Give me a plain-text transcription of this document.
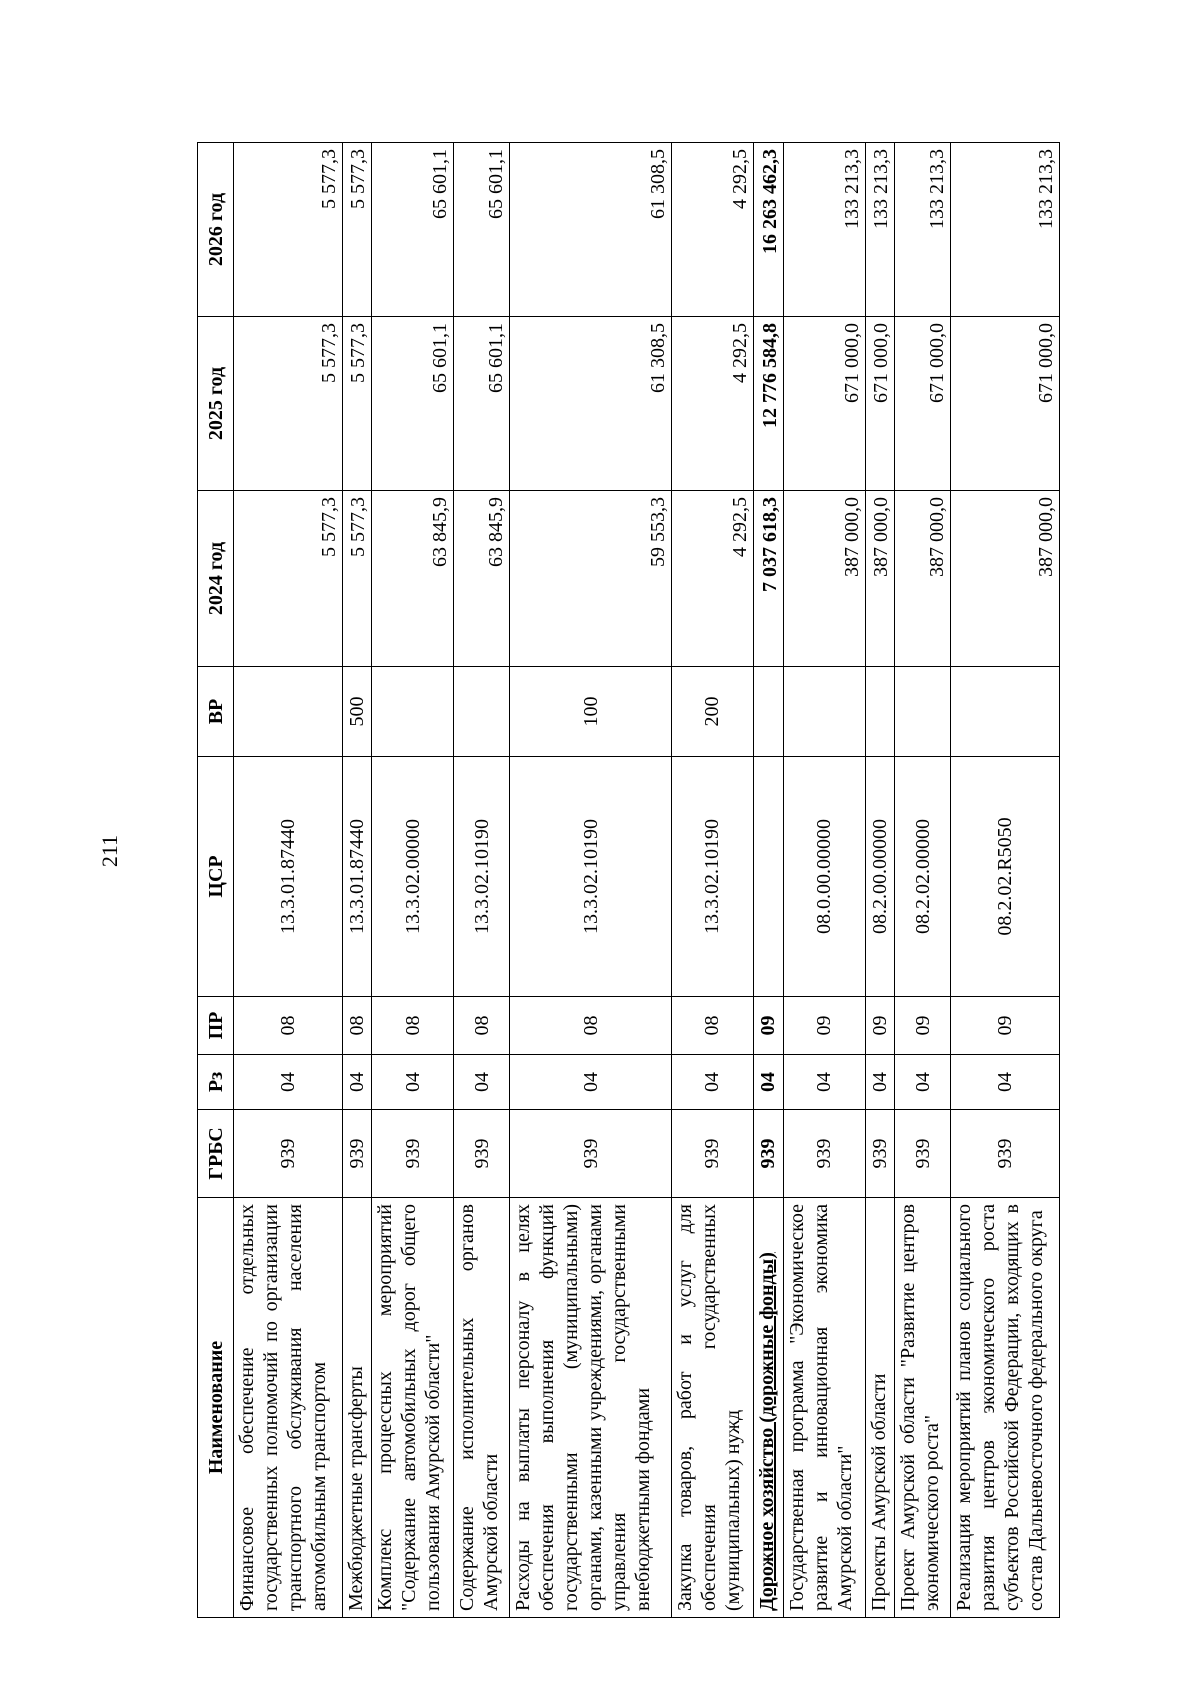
211
Наименование	ГРБС	Рз	ПР	ЦСР	ВР	2024 год	2025 год	2026 год
Финансовое обеспечение отдельных государственных полномочий по организации транспортного обслуживания населения автомобильным транспортом	939	04	08	13.3.01.87440		5 577,3	5 577,3	5 577,3
Межбюджетные трансферты	939	04	08	13.3.01.87440	500	5 577,3	5 577,3	5 577,3
Комплекс процессных мероприятий "Содержание автомобильных дорог общего пользования Амурской области"	939	04	08	13.3.02.00000		63 845,9	65 601,1	65 601,1
Содержание исполнительных органов Амурской области	939	04	08	13.3.02.10190		63 845,9	65 601,1	65 601,1
Расходы на выплаты персоналу в целях обеспечения выполнения функций государственными (муниципальными) органами, казенными учреждениями, органами управления государственными внебюджетными фондами	939	04	08	13.3.02.10190	100	59 553,3	61 308,5	61 308,5
Закупка товаров, работ и услуг для обеспечения государственных (муниципальных) нужд	939	04	08	13.3.02.10190	200	4 292,5	4 292,5	4 292,5
Дорожное хозяйство (дорожные фонды)	939	04	09			7 037 618,3	12 776 584,8	16 263 462,3
Государственная программа "Экономическое развитие и инновационная экономика Амурской области"	939	04	09	08.0.00.00000		387 000,0	671 000,0	133 213,3
Проекты Амурской области	939	04	09	08.2.00.00000		387 000,0	671 000,0	133 213,3
Проект Амурской области "Развитие центров экономического роста"	939	04	09	08.2.02.00000		387 000,0	671 000,0	133 213,3
Реализация мероприятий планов социального развития центров экономического роста субъектов Российской Федерации, входящих в состав Дальневосточного федерального округа	939	04	09	08.2.02.R5050		387 000,0	671 000,0	133 213,3
